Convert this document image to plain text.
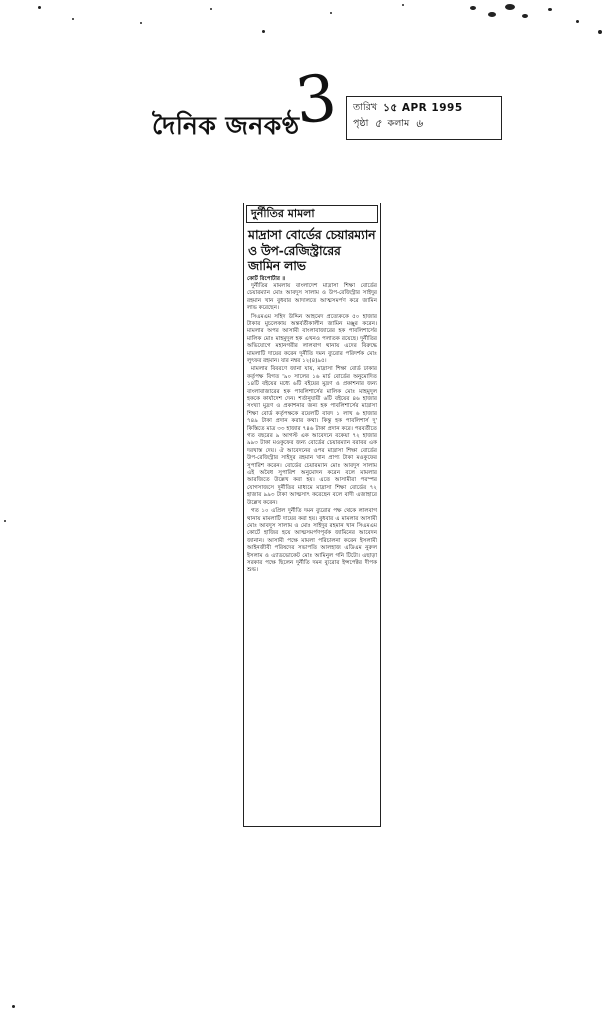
দৈনিক জনকণ্ঠ
3	তারিখ ১৫ APR 1995
পৃষ্ঠা ৫ কলাম ৬
দুর্নীতির মামলা
মাদ্রাসা বোর্ডের চেয়ারম্যান ও উপ-রেজিস্ট্রারের জামিন লাভ
কোর্ট রিপোর্টার ॥

দুর্নীতির মামলায় বাংলাদেশ মাদ্রাসা শিক্ষা বোর্ডের চেয়ারম্যান মোঃ আবদুস সালাম ও উপ-রেজিস্ট্রার সাইদুর রহমান খান বুধবার আদালতে আত্মসমর্পণ করে জামিন লাভ করেছেন।

সিএমএম সহিদ উদ্দিন আহমেদ প্রত্যেককে ৫০ হাজার টাকার মুচলেকায় অন্তর্বর্তীকালীন জামিন মঞ্জুর করেন। মামলার অপর আসামী বাংলাবাজারের হক পাবলিশার্সের মালিক মোঃ মাহমুদুল হক এখনও পলাতক রয়েছে। দুর্নীতির অভিযোগে মহানগরীর লালবাগ থানায় এদের বিরুদ্ধে মামলাটি দায়ের করেন দুর্নীতি দমন ব্যুরোর পরিদর্শক মোঃ লুৎফর রহমান। যার নম্বর ১২(৪)৯৫।

মামলার বিবরণে জানা যায়, মাদ্রাসা শিক্ষা বোর্ড ঢাকার কর্তৃপক্ষ বিগত '৯০ সালের ১৬ মার্চ বোর্ডের অনুমোদিত ১৪টি বইয়ের মধ্যে ৬টি বইয়ের মুদ্রণ ও প্রকাশনার জন্য বাংলাবাজারের হক পাবলিশার্সের মালিক মোঃ মাহমুদুল হককে কার্যাদেশ দেন। শর্তানুযায়ী ৬টি বইয়ের ৪৬ হাজার সংখ্যা মুদ্রণ ও প্রকাশনার জন্য হক পাবলিশার্সের মাদ্রাসা শিক্ষা বোর্ড কর্তৃপক্ষকে রয়েলটি বাবদ ১ লাখ ৬ হাজার ৭৪৯ টাকা প্রদান করার কথা। কিন্তু হক পাবলিশার্স দু' কিস্তিতে মাত্র ৩৩ হাজার ৭৪৬ টাকা প্রদান করে। পরবর্তীতে গত বছরের ৯ আগস্ট এক আবেদনে বকেয়া ৭২ হাজার ৯৯৩ টাকা মওকুফের জন্য বোর্ডের চেয়ারম্যান বরাবর এক দরখাস্ত দেয়। ঐ আবেদনের ওপর মাদ্রাসা শিক্ষা বোর্ডের উপ-রেজিস্ট্রার সাইদুর রহমান খান প্রাপ্য টাকা মওকুফের সুপারিশ করেন। বোর্ডের চেয়ারম্যান মোঃ আবদুস সালাম এই অবৈধ সুপারিশ অনুমোদন করেন বলে মামলার আরজিতে উল্লেখ করা হয়। এতে আসামীরা পরস্পর যোগসাজসে দুর্নীতির মাধ্যমে মাদ্রাসা শিক্ষা বোর্ডের ৭২ হাজার ৯৯৩ টাকা আত্মসাৎ করেছেন বলে বাদী এজাহারে উল্লেখ করেন।

গত ১০ এপ্রিল দুর্নীতি দমন ব্যুরোর পক্ষ থেকে লালবাগ থানায় মামলাটি দায়ের করা হয়। বুধবার এ মামলার আসামী মোঃ আবদুস সালাম ও মোঃ সাইদুর রহমান খান সিএমএম কোর্টে হাজির হয়ে আত্মসমর্পণপূর্বক জামিনের আবেদন জানান। আসামী পক্ষে মামলা পরিচালনা করেন ইসলামী আইনজীবী পরিষদের সভাপতি আলহাজ এডিএম নুরুল ইসলাম ও এ্যাডভোকেট মোঃ আমিনুল গনি টিটো। এছাড়া সরকার পক্ষে ছিলেন দুর্নীতি দমন ব্যুরোর ইন্সপেক্টর দীপক শুভ।
